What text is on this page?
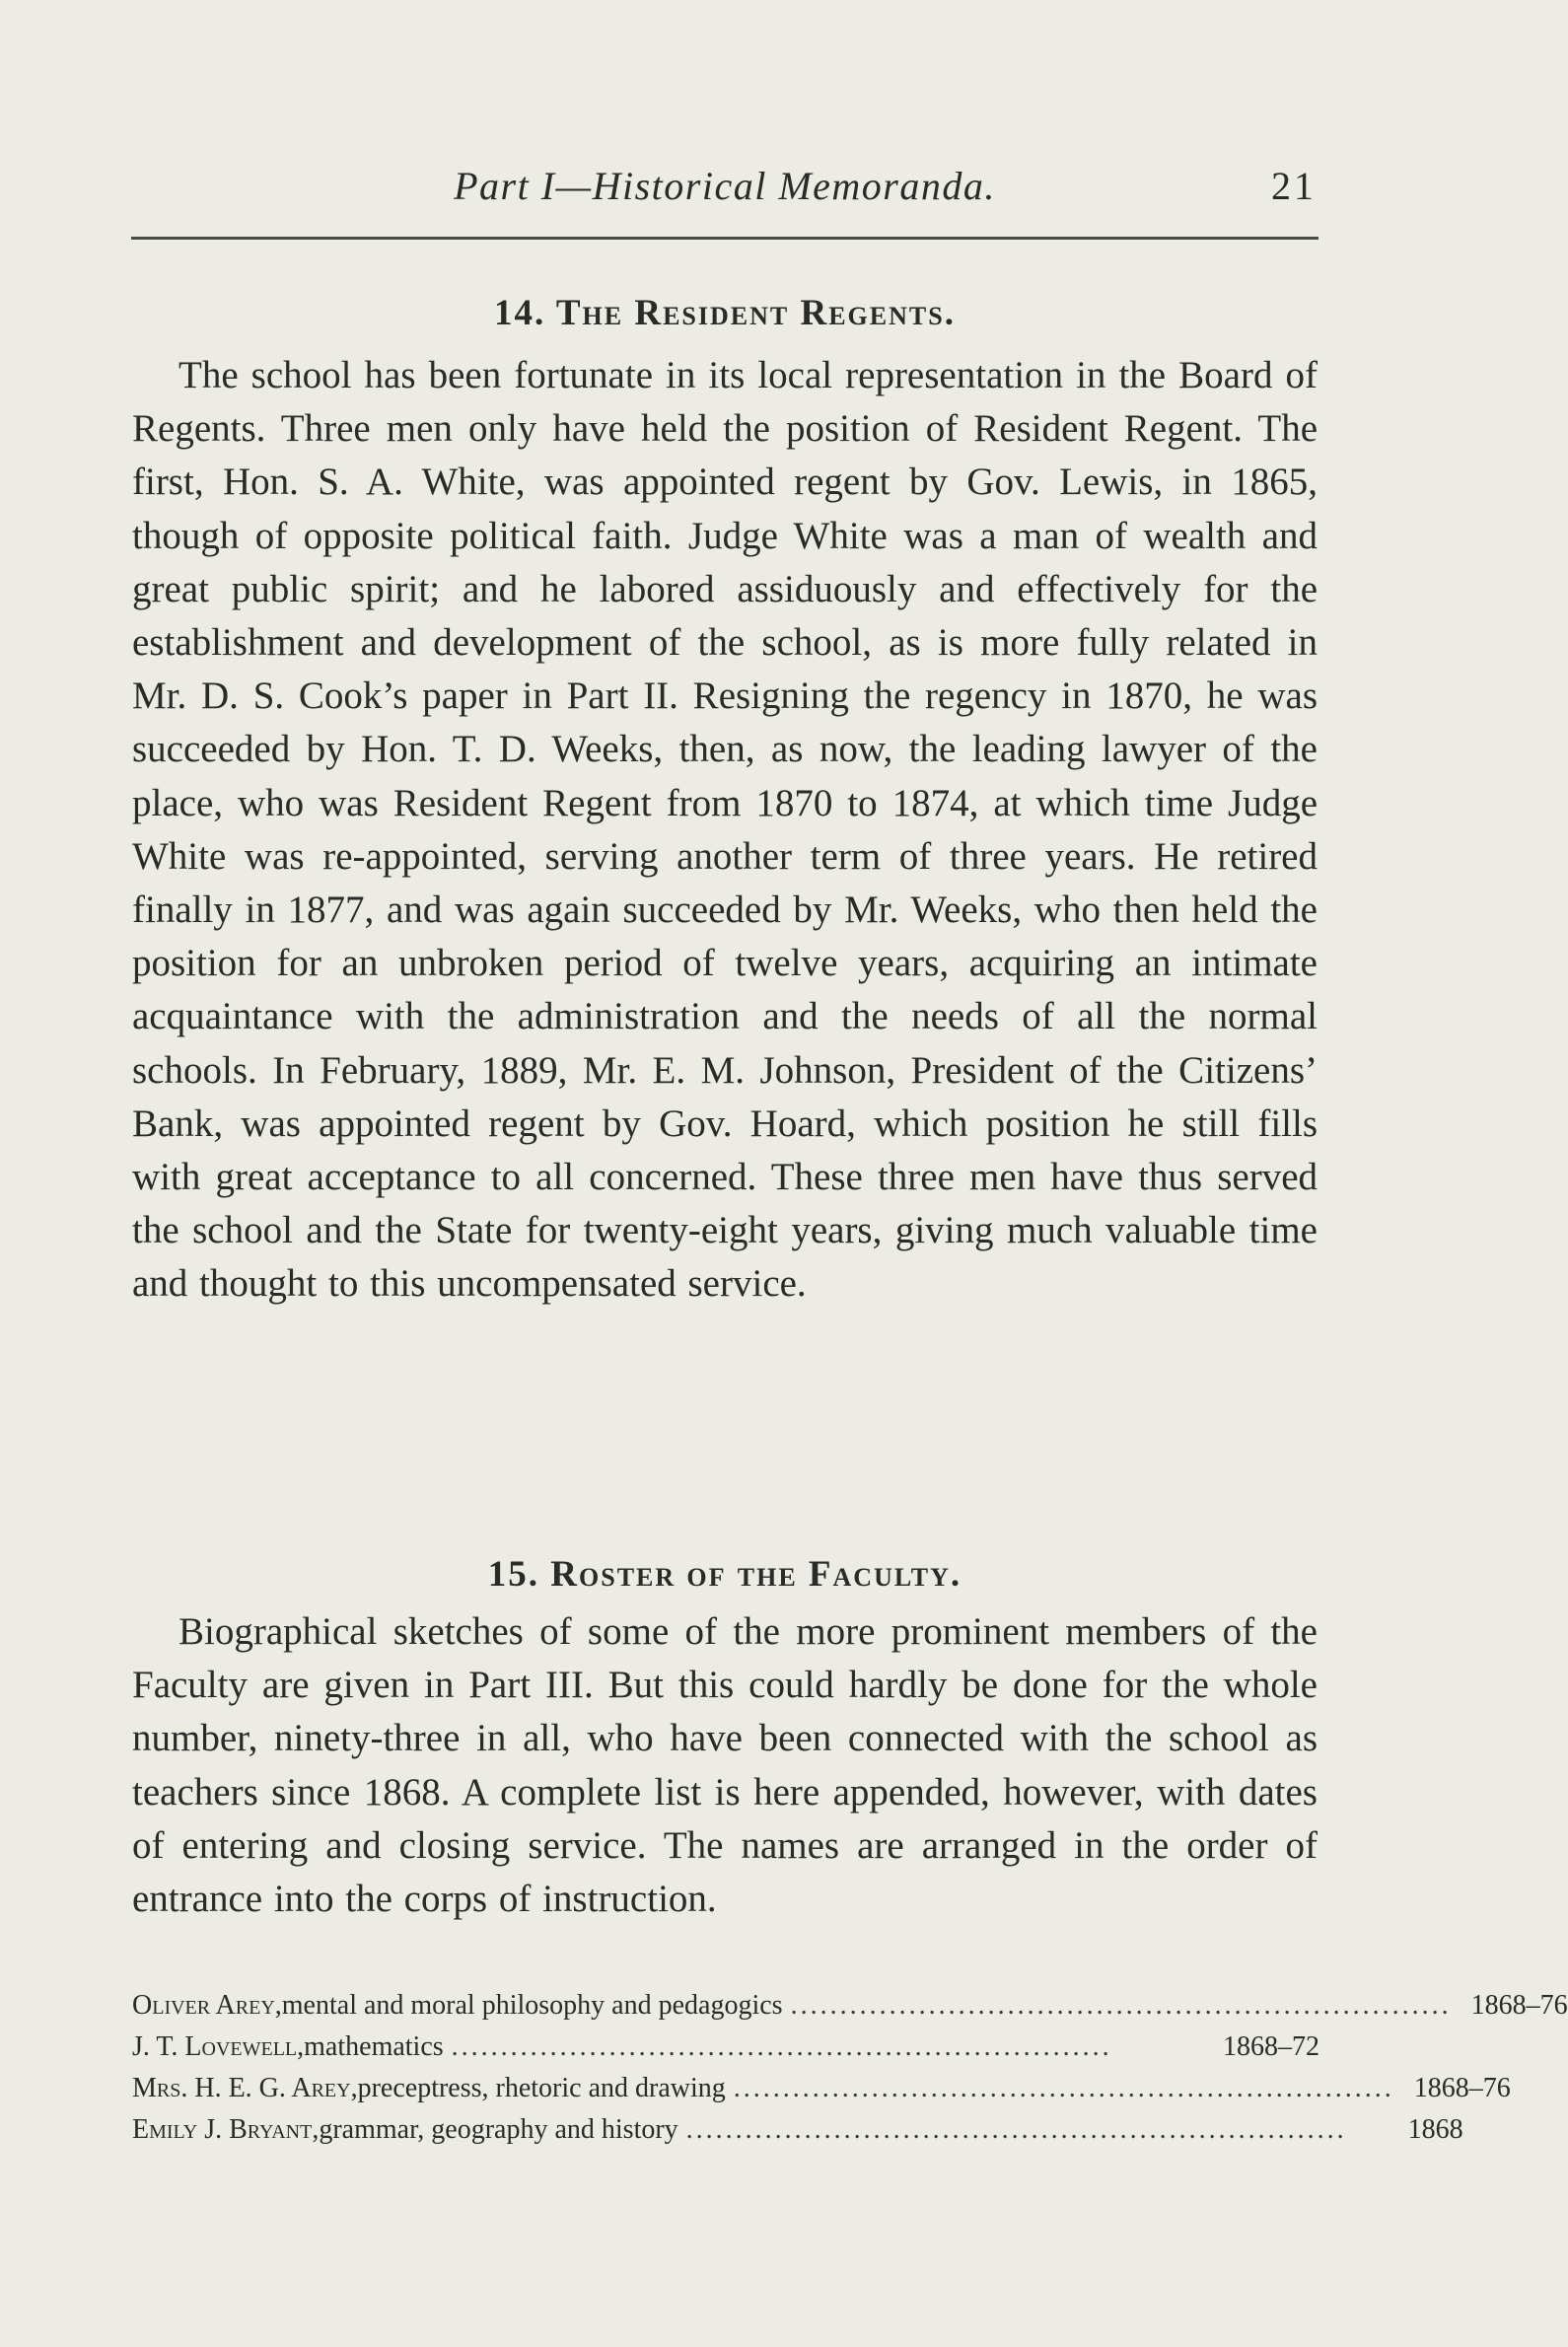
Part I—Historical Memoranda.	21
14. The Resident Regents.

The school has been fortunate in its local representation in the Board of Regents. Three men only have held the position of Resident Regent. The first, Hon. S. A. White, was appointed regent by Gov. Lewis, in 1865, though of opposite political faith. Judge White was a man of wealth and great public spirit; and he labored assiduously and effectively for the establishment and development of the school, as is more fully related in Mr. D. S. Cook’s paper in Part II. Resigning the regency in 1870, he was succeeded by Hon. T. D. Weeks, then, as now, the leading lawyer of the place, who was Resident Regent from 1870 to 1874, at which time Judge White was re-appointed, serving another term of three years. He retired finally in 1877, and was again succeeded by Mr. Weeks, who then held the position for an unbroken period of twelve years, acquiring an intimate acquaintance with the administration and the needs of all the normal schools. In February, 1889, Mr. E. M. Johnson, President of the Citizens’ Bank, was appointed regent by Gov. Hoard, which position he still fills with great acceptance to all concerned. These three men have thus served the school and the State for twenty-eight years, giving much valuable time and thought to this uncompensated service.

15. Roster of the Faculty.

Biographical sketches of some of the more prominent members of the Faculty are given in Part III. But this could hardly be done for the whole number, ninety-three in all, who have been connected with the school as teachers since 1868. A complete list is here appended, however, with dates of entering and closing service. The names are arranged in the order of entrance into the corps of instruction.

Oliver Arey, mental and moral philosophy and pedagogics ................................................................... 1868–76
J. T. Lovewell, mathematics ...................................................................	1868–72
Mrs. H. E. G. Arey, preceptress, rhetoric and drawing ................................................................... 1868–76
Emily J. Bryant, grammar, geography and history ...................................................................	1868
